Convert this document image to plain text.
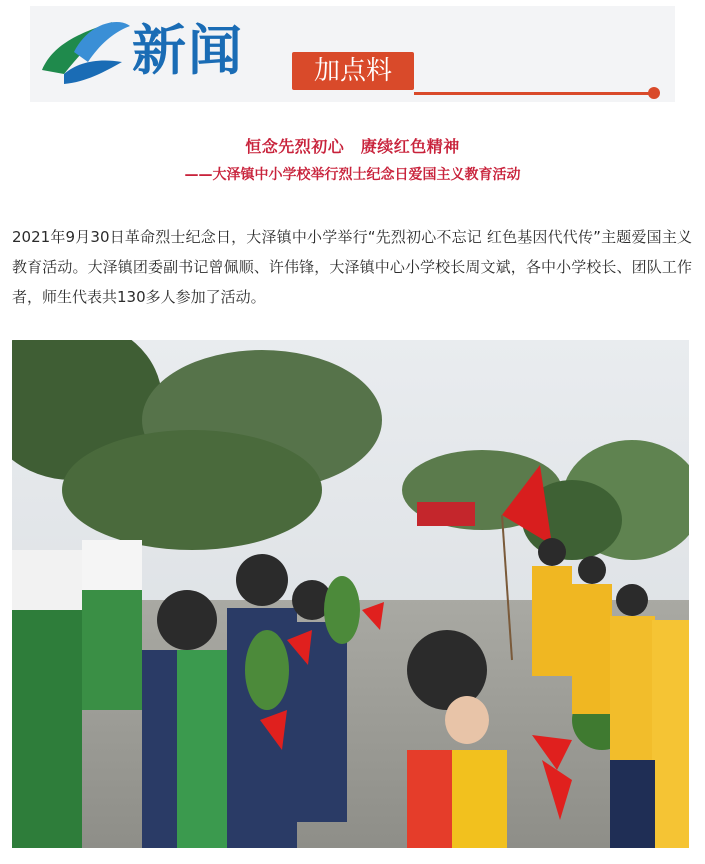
新闻	加点料
恒念先烈初心　赓续红色精神
——大泽镇中小学校举行烈士纪念日爱国主义教育活动

2021年9月30日革命烈士纪念日，大泽镇中小学举行“先烈初心不忘记 红色基因代代传”主题爱国主义教育活动。大泽镇团委副书记曾佩顺、许伟锋，大泽镇中心小学校长周文斌，各中小学校长、团队工作者，师生代表共130多人参加了活动。
